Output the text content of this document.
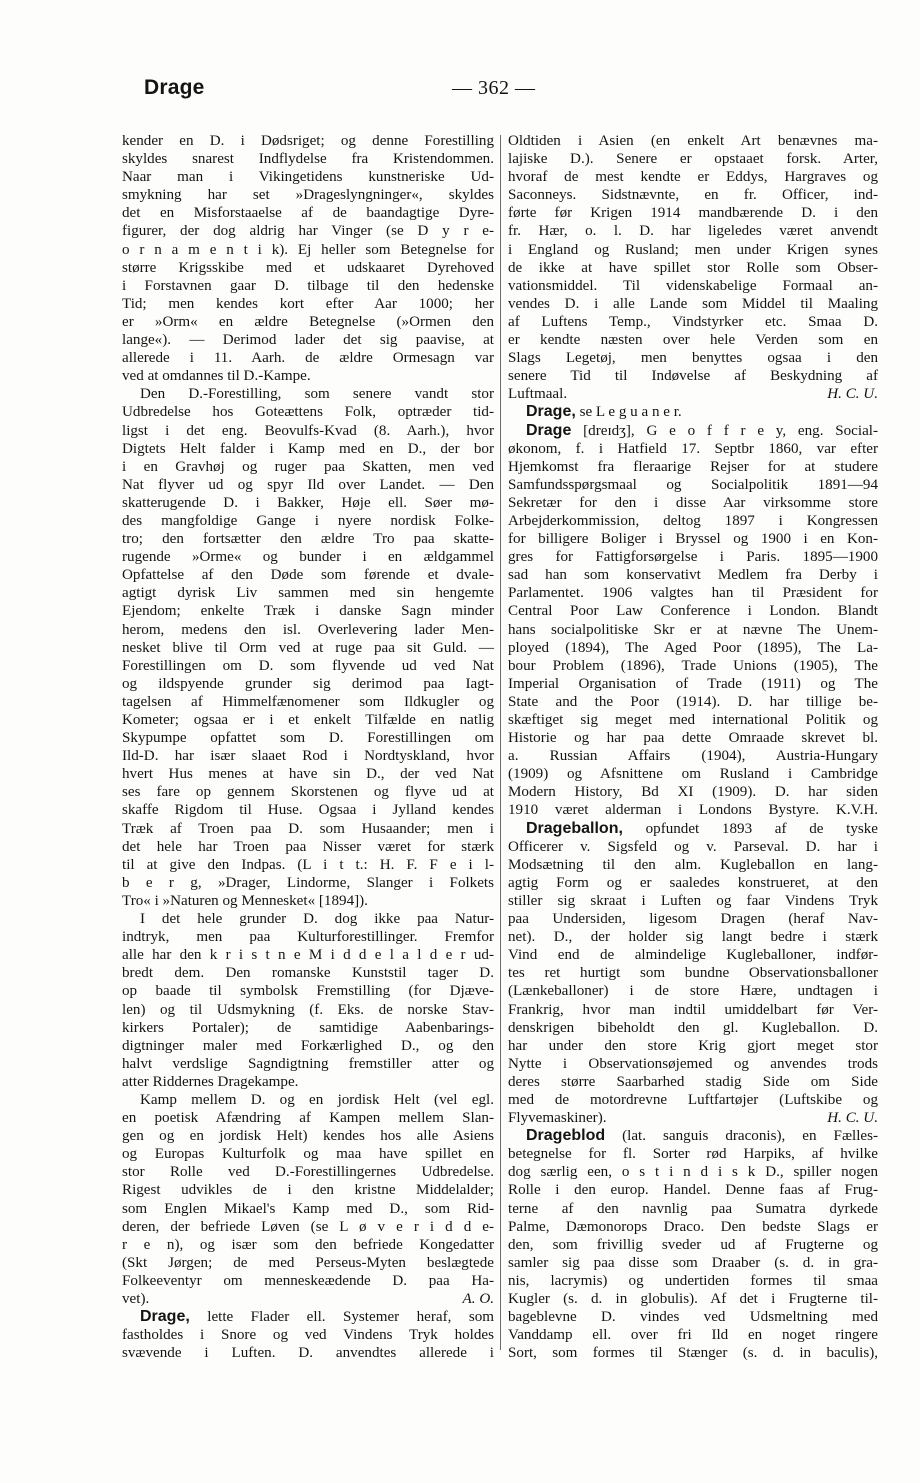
Drage	— 362 —
kender en D. i Dødsriget; og denne Forestilling
skyldes snarest Indflydelse fra Kristendommen.
Naar man i Vikingetidens kunstneriske Ud-
smykning har set »Drageslyngninger«, skyldes
det en Misforstaaelse af de baandagtige Dyre-
figurer, der dog aldrig har Vinger (se D y r e-
o r n a m e n t i k). Ej heller som Betegnelse for
større Krigsskibe med et udskaaret Dyrehoved
i Forstavnen gaar D. tilbage til den hedenske
Tid; men kendes kort efter Aar 1000; her
er »Orm« en ældre Betegnelse (»Ormen den
lange«). — Derimod lader det sig paavise, at
allerede i 11. Aarh. de ældre Ormesagn var
ved at omdannes til D.-Kampe.
Den D.-Forestilling, som senere vandt stor
Udbredelse hos Goteættens Folk, optræder tid-
ligst i det eng. Beovulfs-Kvad (8. Aarh.), hvor
Digtets Helt falder i Kamp med en D., der bor
i en Gravhøj og ruger paa Skatten, men ved
Nat flyver ud og spyr Ild over Landet. — Den
skatterugende D. i Bakker, Høje ell. Søer mø-
des mangfoldige Gange i nyere nordisk Folke-
tro; den fortsætter den ældre Tro paa skatte-
rugende »Orme« og bunder i en ældgammel
Opfattelse af den Døde som førende et dvale-
agtigt dyrisk Liv sammen med sin hengemte
Ejendom; enkelte Træk i danske Sagn minder
herom, medens den isl. Overlevering lader Men-
nesket blive til Orm ved at ruge paa sit Guld. —
Forestillingen om D. som flyvende ud ved Nat
og ildspyende grunder sig derimod paa Iagt-
tagelsen af Himmelfænomener som Ildkugler og
Kometer; ogsaa er i et enkelt Tilfælde en natlig
Skypumpe opfattet som D. Forestillingen om
Ild-D. har især slaaet Rod i Nordtyskland, hvor
hvert Hus menes at have sin D., der ved Nat
ses fare op gennem Skorstenen og flyve ud at
skaffe Rigdom til Huse. Ogsaa i Jylland kendes
Træk af Troen paa D. som Husaander; men i
det hele har Troen paa Nisser været for stærk
til at give den Indpas. (L i t t.: H. F. F e i l-
b e r g, »Drager, Lindorme, Slanger i Folkets
Tro« i »Naturen og Mennesket« [1894]).
I det hele grunder D. dog ikke paa Natur-
indtryk, men paa Kulturforestillinger. Fremfor
alle har den k r i s t n e M i d d e l a l d e r ud-
bredt dem. Den romanske Kunststil tager D.
op baade til symbolsk Fremstilling (for Djæve-
len) og til Udsmykning (f. Eks. de norske Stav-
kirkers Portaler); de samtidige Aabenbarings-
digtninger maler med Forkærlighed D., og den
halvt verdslige Sagndigtning fremstiller atter og
atter Riddernes Dragekampe.
Kamp mellem D. og en jordisk Helt (vel egl.
en poetisk Afændring af Kampen mellem Slan-
gen og en jordisk Helt) kendes hos alle Asiens
og Europas Kulturfolk og maa have spillet en
stor Rolle ved D.-Forestillingernes Udbredelse.
Rigest udvikles de i den kristne Middelalder;
som Englen Mikael's Kamp med D., som Rid-
deren, der befriede Løven (se L ø v e r i d d e-
r e n), og især som den befriede Kongedatter
(Skt Jørgen; de med Perseus-Myten beslægtede
Folkeeventyr om menneskeædende D. paa Ha-
A. O.
vet).
Drage, lette Flader ell. Systemer heraf, som
fastholdes i Snore og ved Vindens Tryk holdes
svævende i Luften. D. anvendtes allerede i
Oldtiden i Asien (en enkelt Art benævnes ma-
lajiske D.). Senere er opstaaet forsk. Arter,
hvoraf de mest kendte er Eddys, Hargraves og
Saconneys. Sidstnævnte, en fr. Officer, ind-
førte før Krigen 1914 mandbærende D. i den
fr. Hær, o. l. D. har ligeledes været anvendt
i England og Rusland; men under Krigen synes
de ikke at have spillet stor Rolle som Obser-
vationsmiddel. Til videnskabelige Formaal an-
vendes D. i alle Lande som Middel til Maaling
af Luftens Temp., Vindstyrker etc. Smaa D.
er kendte næsten over hele Verden som en
Slags Legetøj, men benyttes ogsaa i den
senere Tid til Indøvelse af Beskydning af
H. C. U.
Luftmaal.
Drage, se L e g u a n e r.
Drage [dreɪdʒ], G e o f f r e y, eng. Social-
økonom, f. i Hatfield 17. Septbr 1860, var efter
Hjemkomst fra fleraarige Rejser for at studere
Samfundsspørgsmaal og Socialpolitik 1891—94
Sekretær for den i disse Aar virksomme store
Arbejderkommission, deltog 1897 i Kongressen
for billigere Boliger i Bryssel og 1900 i en Kon-
gres for Fattigforsørgelse i Paris. 1895—1900
sad han som konservativt Medlem fra Derby i
Parlamentet. 1906 valgtes han til Præsident for
Central Poor Law Conference i London. Blandt
hans socialpolitiske Skr er at nævne The Unem-
ployed (1894), The Aged Poor (1895), The La-
bour Problem (1896), Trade Unions (1905), The
Imperial Organisation of Trade (1911) og The
State and the Poor (1914). D. har tillige be-
skæftiget sig meget med international Politik og
Historie og har paa dette Omraade skrevet bl.
a. Russian Affairs (1904), Austria-Hungary
(1909) og Afsnittene om Rusland i Cambridge
Modern History, Bd XI (1909). D. har siden
1910 været alderman i Londons Bystyre. K.V.H.
Drageballon, opfundet 1893 af de tyske
Officerer v. Sigsfeld og v. Parseval. D. har i
Modsætning til den alm. Kugleballon en lang-
agtig Form og er saaledes konstrueret, at den
stiller sig skraat i Luften og faar Vindens Tryk
paa Undersiden, ligesom Dragen (heraf Nav-
net). D., der holder sig langt bedre i stærk
Vind end de almindelige Kugleballoner, indfør-
tes ret hurtigt som bundne Observationsballoner
(Lænkeballoner) i de store Hære, undtagen i
Frankrig, hvor man indtil umiddelbart før Ver-
denskrigen bibeholdt den gl. Kugleballon. D.
har under den store Krig gjort meget stor
Nytte i Observationsøjemed og anvendes trods
deres større Saarbarhed stadig Side om Side
med de motordrevne Luftfartøjer (Luftskibe og
H. C. U.
Flyvemaskiner).
Drageblod (lat. sanguis draconis), en Fælles-
betegnelse for fl. Sorter rød Harpiks, af hvilke
dog særlig een, o s t i n d i s k D., spiller nogen
Rolle i den europ. Handel. Denne faas af Frug-
terne af den navnlig paa Sumatra dyrkede
Palme, Dæmonorops Draco. Den bedste Slags er
den, som frivillig sveder ud af Frugterne og
samler sig paa disse som Draaber (s. d. in gra-
nis, lacrymis) og undertiden formes til smaa
Kugler (s. d. in globulis). Af det i Frugterne til-
bageblevne D. vindes ved Udsmeltning med
Vanddamp ell. over fri Ild en noget ringere
Sort, som formes til Stænger (s. d. in baculis),
